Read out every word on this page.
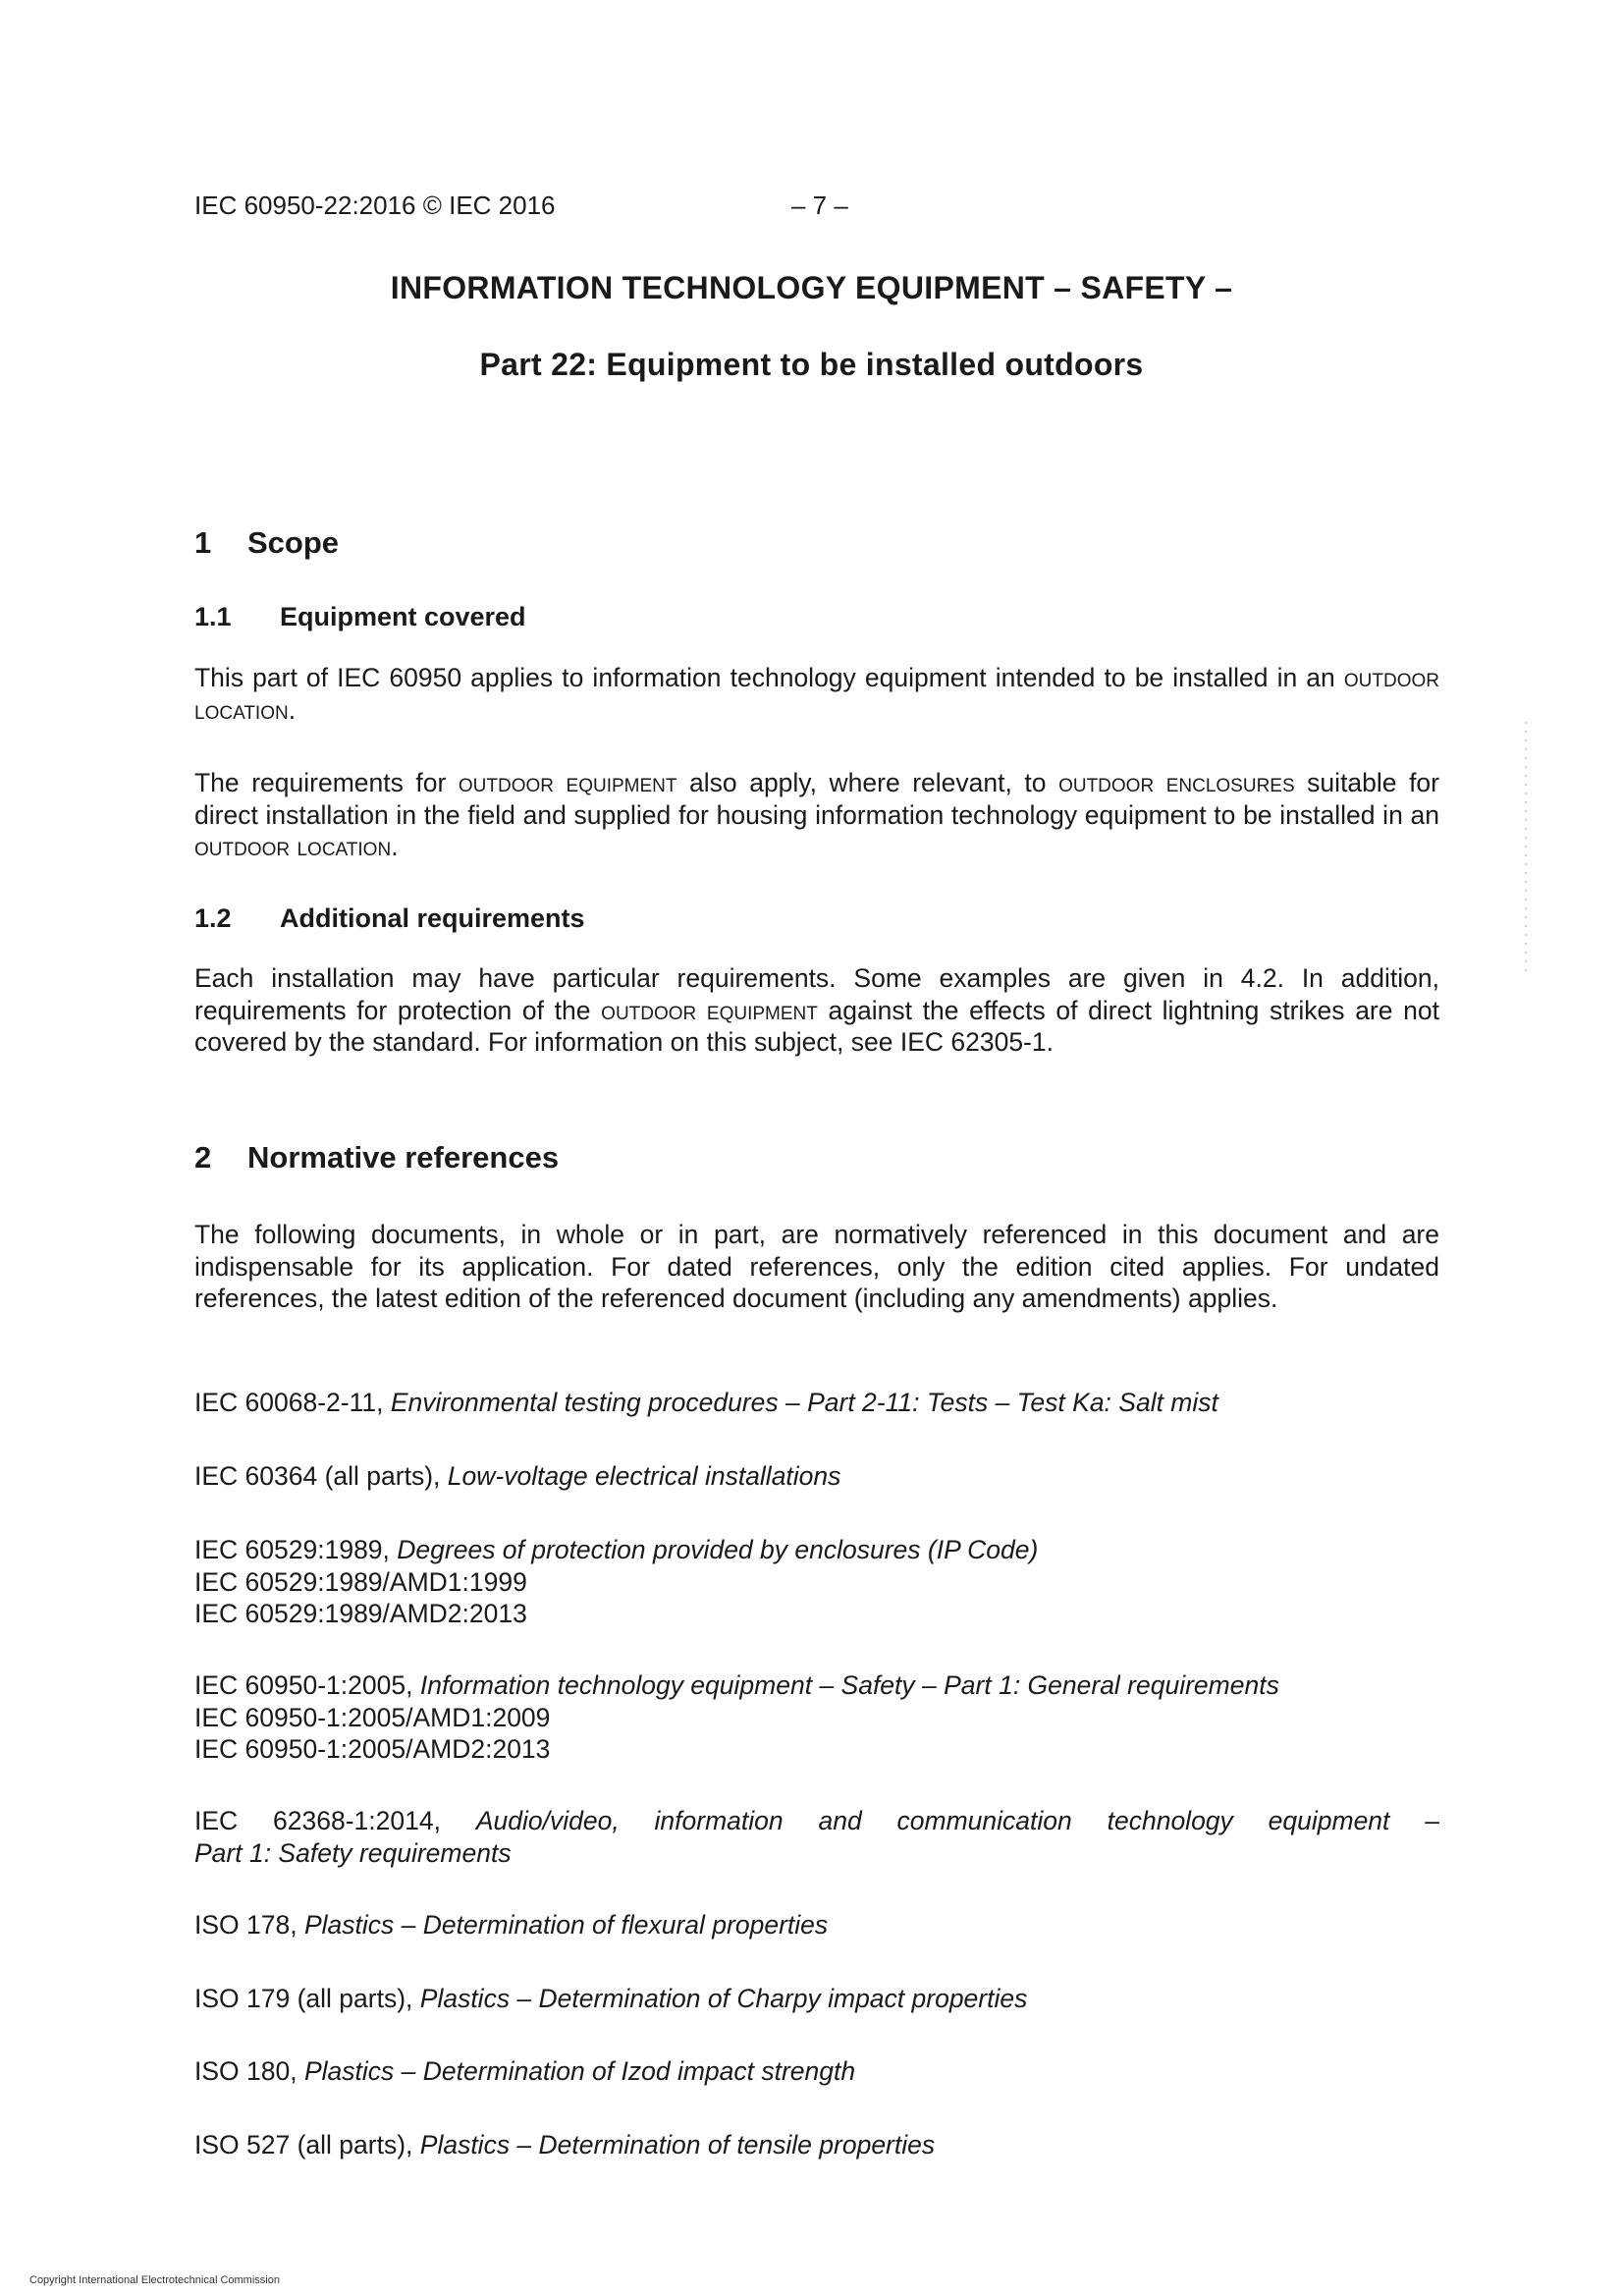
IEC 60950-22:2016 © IEC 2016	– 7 –
INFORMATION TECHNOLOGY EQUIPMENT – SAFETY –
Part 22: Equipment to be installed outdoors
1 Scope
1.1 Equipment covered
This part of IEC 60950 applies to information technology equipment intended to be installed in an outdoor location.
The requirements for outdoor equipment also apply, where relevant, to outdoor enclosures suitable for direct installation in the field and supplied for housing information technology equipment to be installed in an outdoor location.
1.2 Additional requirements
Each installation may have particular requirements. Some examples are given in 4.2. In addition, requirements for protection of the outdoor equipment against the effects of direct lightning strikes are not covered by the standard. For information on this subject, see IEC 62305-1.
2 Normative references
The following documents, in whole or in part, are normatively referenced in this document and are indispensable for its application. For dated references, only the edition cited applies. For undated references, the latest edition of the referenced document (including any amendments) applies.
IEC 60068-2-11, Environmental testing procedures – Part 2-11: Tests – Test Ka: Salt mist
IEC 60364 (all parts), Low-voltage electrical installations
IEC 60529:1989, Degrees of protection provided by enclosures (IP Code)
IEC 60529:1989/AMD1:1999
IEC 60529:1989/AMD2:2013
IEC 60950-1:2005, Information technology equipment – Safety – Part 1: General requirements
IEC 60950-1:2005/AMD1:2009
IEC 60950-1:2005/AMD2:2013
IEC 62368-1:2014, Audio/video, information and communication technology equipment –
Part 1: Safety requirements
ISO 178, Plastics – Determination of flexural properties
ISO 179 (all parts), Plastics – Determination of Charpy impact properties
ISO 180, Plastics – Determination of Izod impact strength
ISO 527 (all parts), Plastics – Determination of tensile properties
Copyright International Electrotechnical Commission
